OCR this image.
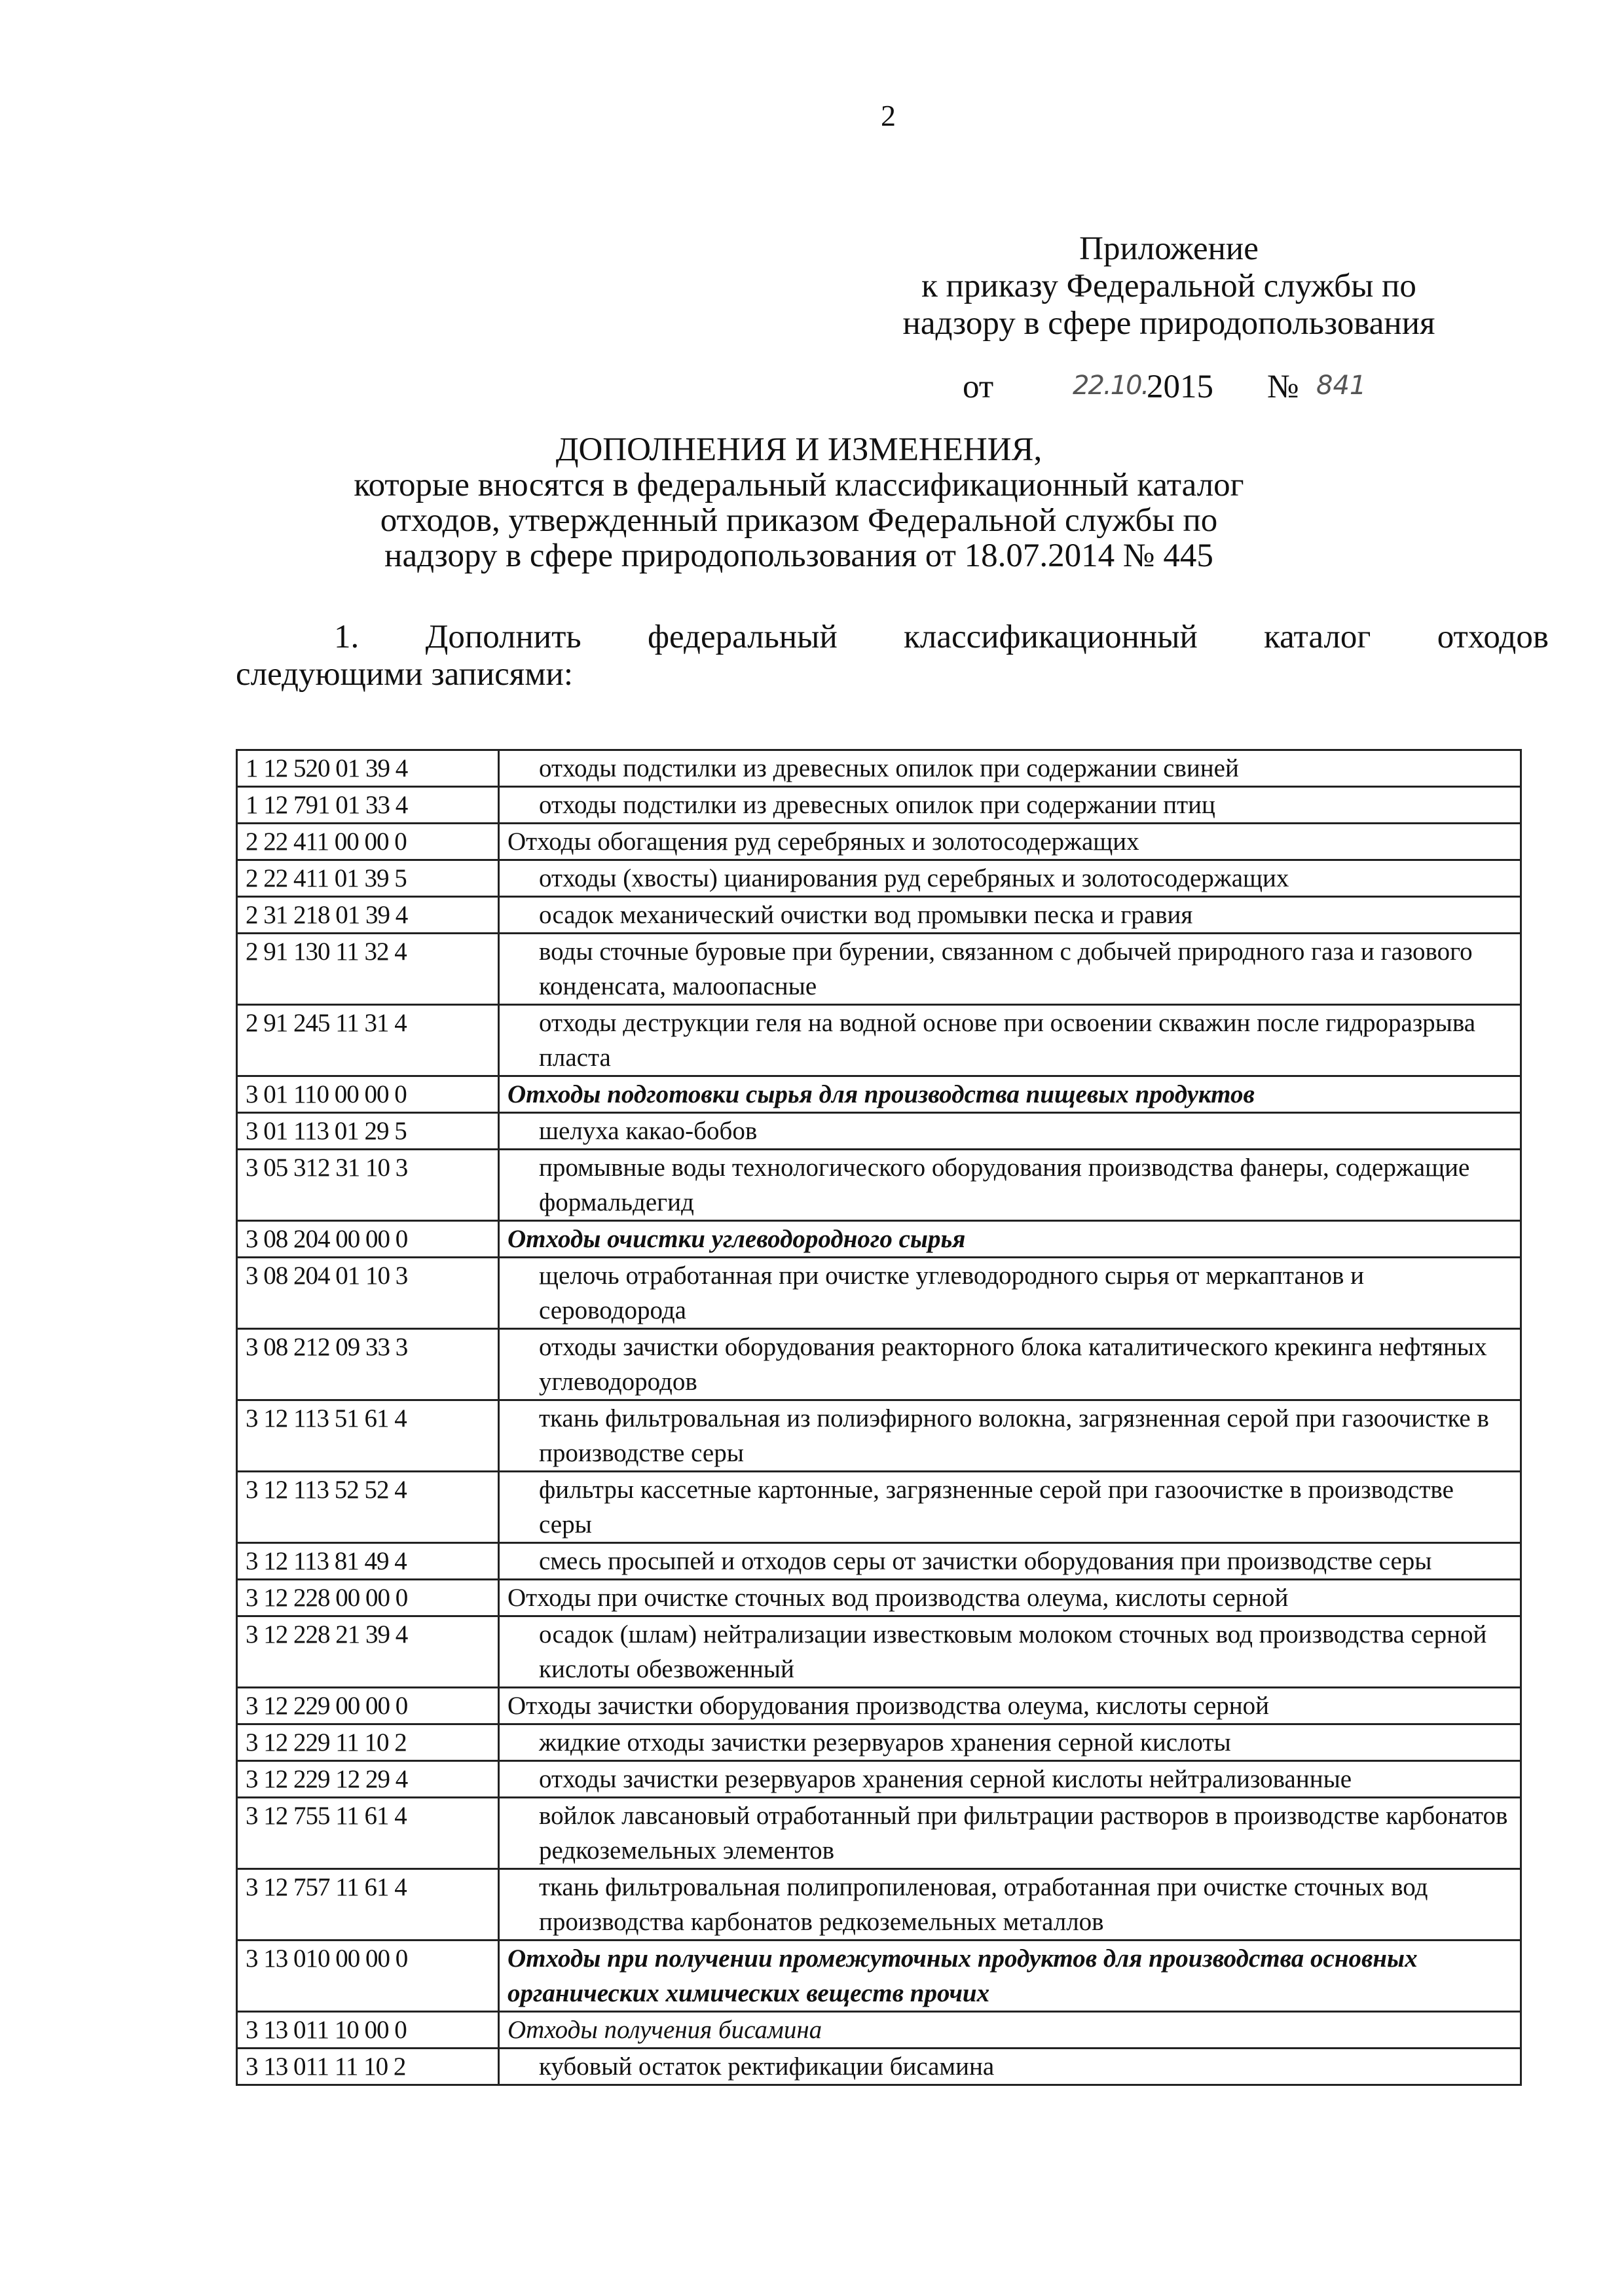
2
Приложение
к приказу Федеральной службы по
надзору в сфере природопользования
от	22.10.
2015 № 841
ДОПОЛНЕНИЯ И ИЗМЕНЕНИЯ,
которые вносятся в федеральный классификационный каталог
отходов, утвержденный приказом Федеральной службы по
надзору в сфере природопользования от 18.07.2014 № 445
1. Дополнить федеральный классификационный каталог отходов
следующими записями:
1 12 520 01 39 4	отходы подстилки из древесных опилок при содержании свиней
1 12 791 01 33 4	отходы подстилки из древесных опилок при содержании птиц
2 22 411 00 00 0	Отходы обогащения руд серебряных и золотосодержащих
2 22 411 01 39 5	отходы (хвосты) цианирования руд серебряных и золотосодержащих
2 31 218 01 39 4	осадок механический очистки вод промывки песка и гравия
2 91 130 11 32 4	воды сточные буровые при бурении, связанном с добычей природного газа и газового конденсата, малоопасные
2 91 245 11 31 4	отходы деструкции геля на водной основе при освоении скважин после гидроразрыва пласта
3 01 110 00 00 0	Отходы подготовки сырья для производства пищевых продуктов
3 01 113 01 29 5	шелуха какао-бобов
3 05 312 31 10 3	промывные воды технологического оборудования производства фанеры, содержащие формальдегид
3 08 204 00 00 0	Отходы очистки углеводородного сырья
3 08 204 01 10 3	щелочь отработанная при очистке углеводородного сырья от меркаптанов и сероводорода
3 08 212 09 33 3	отходы зачистки оборудования реакторного блока каталитического крекинга нефтяных углеводородов
3 12 113 51 61 4	ткань фильтровальная из полиэфирного волокна, загрязненная серой при газоочистке в производстве серы
3 12 113 52 52 4	фильтры кассетные картонные, загрязненные серой при газоочистке в производстве серы
3 12 113 81 49 4	смесь просыпей и отходов серы от зачистки оборудования при производстве серы
3 12 228 00 00 0	Отходы при очистке сточных вод производства олеума, кислоты серной
3 12 228 21 39 4	осадок (шлам) нейтрализации известковым молоком сточных вод производства серной кислоты обезвоженный
3 12 229 00 00 0	Отходы зачистки оборудования производства олеума, кислоты серной
3 12 229 11 10 2	жидкие отходы зачистки резервуаров хранения серной кислоты
3 12 229 12 29 4	отходы зачистки резервуаров хранения серной кислоты нейтрализованные
3 12 755 11 61 4	войлок лавсановый отработанный при фильтрации растворов в производстве карбонатов редкоземельных элементов
3 12 757 11 61 4	ткань фильтровальная полипропиленовая, отработанная при очистке сточных вод производства карбонатов редкоземельных металлов
3 13 010 00 00 0	Отходы при получении промежуточных продуктов для производства основных органических химических веществ прочих
3 13 011 10 00 0	Отходы получения бисамина
3 13 011 11 10 2	кубовый остаток ректификации бисамина
